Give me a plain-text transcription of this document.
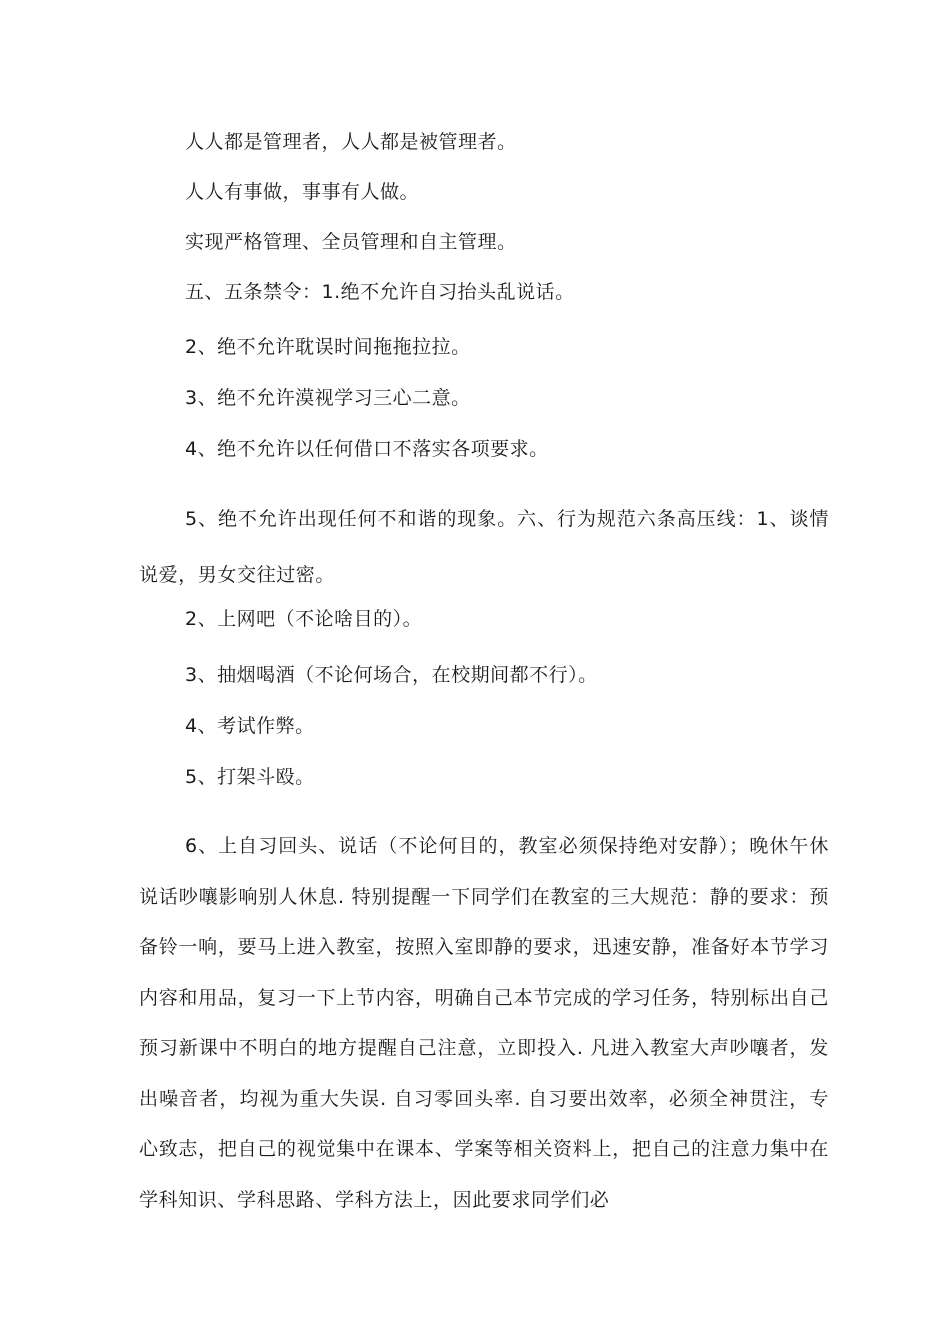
人人都是管理者，人人都是被管理者。
人人有事做，事事有人做。
实现严格管理、全员管理和自主管理。
五、五条禁令：1.绝不允许自习抬头乱说话。
2、绝不允许耽误时间拖拖拉拉。
3、绝不允许漠视学习三心二意。
4、绝不允许以任何借口不落实各项要求。

5、绝不允许出现任何不和谐的现象。六、行为规范六条高压线：1、谈情说爱，男女交往过密。

2、上网吧（不论啥目的）。
3、抽烟喝酒（不论何场合，在校期间都不行）。
4、考试作弊。
5、打架斗殴。

6、上自习回头、说话（不论何目的，教室必须保持绝对安静）；晚休午休说话吵嚷影响别人休息. 特别提醒一下同学们在教室的三大规范：静的要求：预备铃一响，要马上进入教室，按照入室即静的要求，迅速安静，准备好本节学习内容和用品，复习一下上节内容，明确自己本节完成的学习任务，特别标出自己预习新课中不明白的地方提醒自己注意，立即投入. 凡进入教室大声吵嚷者，发出噪音者，均视为重大失误. 自习零回头率. 自习要出效率，必须全神贯注，专心致志，把自己的视觉集中在课本、学案等相关资料上，把自己的注意力集中在学科知识、学科思路、学科方法上，因此要求同学们必
